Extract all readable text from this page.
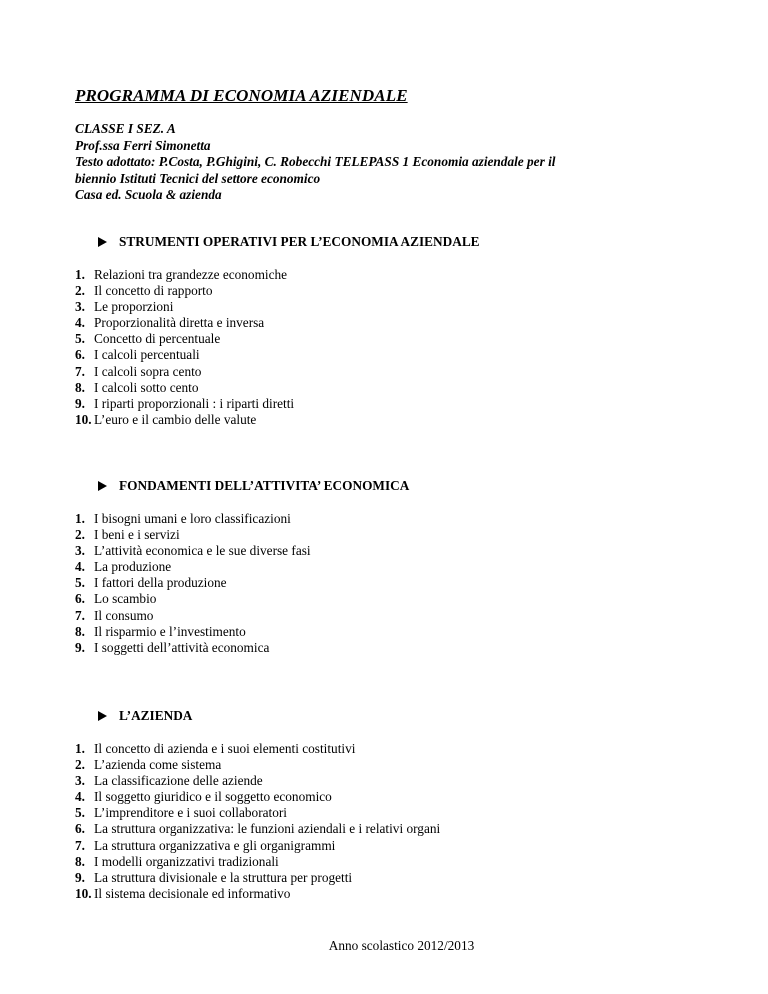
PROGRAMMA DI ECONOMIA AZIENDALE
CLASSE I SEZ. A
Prof.ssa Ferri Simonetta
Testo adottato: P.Costa, P.Ghigini, C. Robecchi TELEPASS 1 Economia aziendale per il
biennio Istituti Tecnici del settore economico
Casa ed. Scuola & azienda
STRUMENTI OPERATIVI PER L’ECONOMIA AZIENDALE
1. Relazioni tra grandezze economiche
2. Il concetto di rapporto
3. Le proporzioni
4. Proporzionalità diretta e inversa
5. Concetto di percentuale
6. I calcoli percentuali
7. I calcoli sopra cento
8. I calcoli sotto cento
9. I riparti proporzionali : i riparti diretti
10. L’euro e il cambio delle valute
FONDAMENTI DELL’ATTIVITA’ ECONOMICA
1. I bisogni umani e loro classificazioni
2. I beni e i servizi
3. L’attività economica e le sue diverse fasi
4. La produzione
5. I fattori della produzione
6. Lo scambio
7. Il consumo
8. Il risparmio e l’investimento
9. I soggetti dell’attività economica
L’AZIENDA
1. Il concetto di azienda e i suoi elementi costitutivi
2. L’azienda come sistema
3. La classificazione delle aziende
4. Il soggetto giuridico e il soggetto economico
5. L’imprenditore e i suoi collaboratori
6. La struttura organizzativa: le funzioni aziendali e i relativi organi
7. La struttura organizzativa e gli organigrammi
8. I modelli organizzativi tradizionali
9. La struttura divisionale e la struttura per progetti
10. Il sistema decisionale ed informativo
Anno scolastico 2012/2013
